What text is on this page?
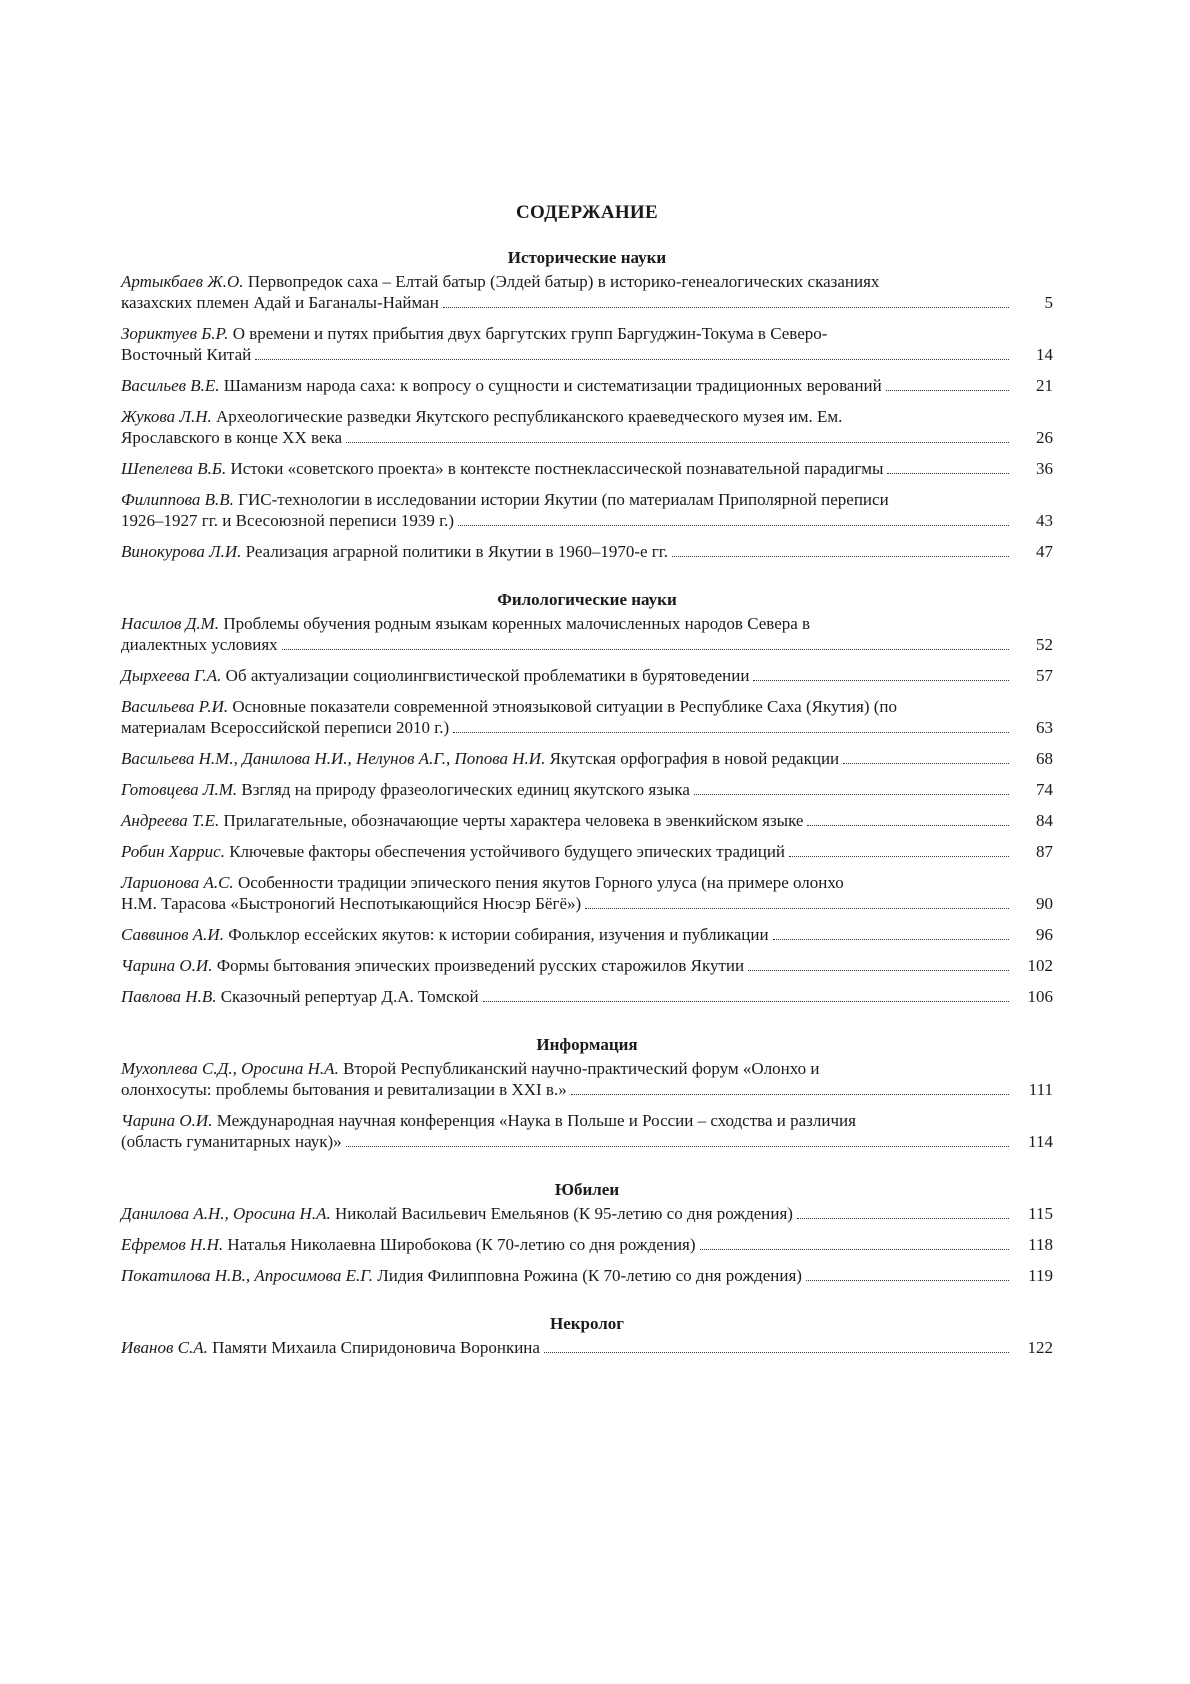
СОДЕРЖАНИЕ
Исторические науки
Артыкбаев Ж.О. Первопредок саха – Елтай батыр (Элдей батыр) в историко-генеалогических сказаниях
казахских племен Адай и Баганалы-Найман	5
Зориктуев Б.Р. О времени и путях прибытия двух баргутских групп Баргуджин-Токума в Северо-
Восточный Китай	14
Васильев В.Е. Шаманизм народа саха: к вопросу о сущности и систематизации традиционных верований	21
Жукова Л.Н. Археологические разведки Якутского республиканского краеведческого музея им. Ем.
Ярославского в конце XX века	26
Шепелева В.Б. Истоки «советского проекта» в контексте постнеклассической познавательной парадигмы	36
Филиппова В.В. ГИС-технологии в исследовании истории Якутии (по материалам Приполярной переписи
1926–1927 гг. и Всесоюзной переписи 1939 г.)	43
Винокурова Л.И. Реализация аграрной политики в Якутии в 1960–1970-е гг.	47
Филологические науки
Насилов Д.М. Проблемы обучения родным языкам коренных малочисленных народов Севера в
диалектных условиях	52
Дырхеева Г.А. Об актуализации социолингвистической проблематики в бурятоведении	57
Васильева Р.И. Основные показатели современной этноязыковой ситуации в Республике Саха (Якутия) (по
материалам Всероссийской переписи 2010 г.)	63
Васильева Н.М., Данилова Н.И., Нелунов А.Г., Попова Н.И. Якутская орфография в новой редакции	68
Готовцева Л.М. Взгляд на природу фразеологических единиц якутского языка	74
Андреева Т.Е. Прилагательные, обозначающие черты характера человека в эвенкийском языке	84
Робин Харрис. Ключевые факторы обеспечения устойчивого будущего эпических традиций	87
Ларионова А.С. Особенности традиции эпического пения якутов Горного улуса (на примере олонхо
Н.М. Тарасова «Быстроногий Неспотыкающийся Нюсэр Бёгё»)	90
Саввинов А.И. Фольклор ессейских якутов: к истории собирания, изучения и публикации	96
Чарина О.И. Формы бытования эпических произведений русских старожилов Якутии	102
Павлова Н.В. Сказочный репертуар Д.А. Томской	106
Информация
Мухоплева С.Д., Оросина Н.А. Второй Республиканский научно-практический форум «Олонхо и
олонхосуты: проблемы бытования и ревитализации в XXI в.»	111
Чарина О.И. Международная научная конференция «Наука в Польше и России – сходства и различия
(область гуманитарных наук)»	114
Юбилеи
Данилова А.Н., Оросина Н.А. Николай Васильевич Емельянов (К 95-летию со дня рождения)	115
Ефремов Н.Н. Наталья Николаевна Широбокова (К 70-летию со дня рождения)	118
Покатилова Н.В., Апросимова Е.Г. Лидия Филипповна Рожина (К 70-летию со дня рождения)	119
Некролог
Иванов С.А. Памяти Михаила Спиридоновича Воронкина	122
